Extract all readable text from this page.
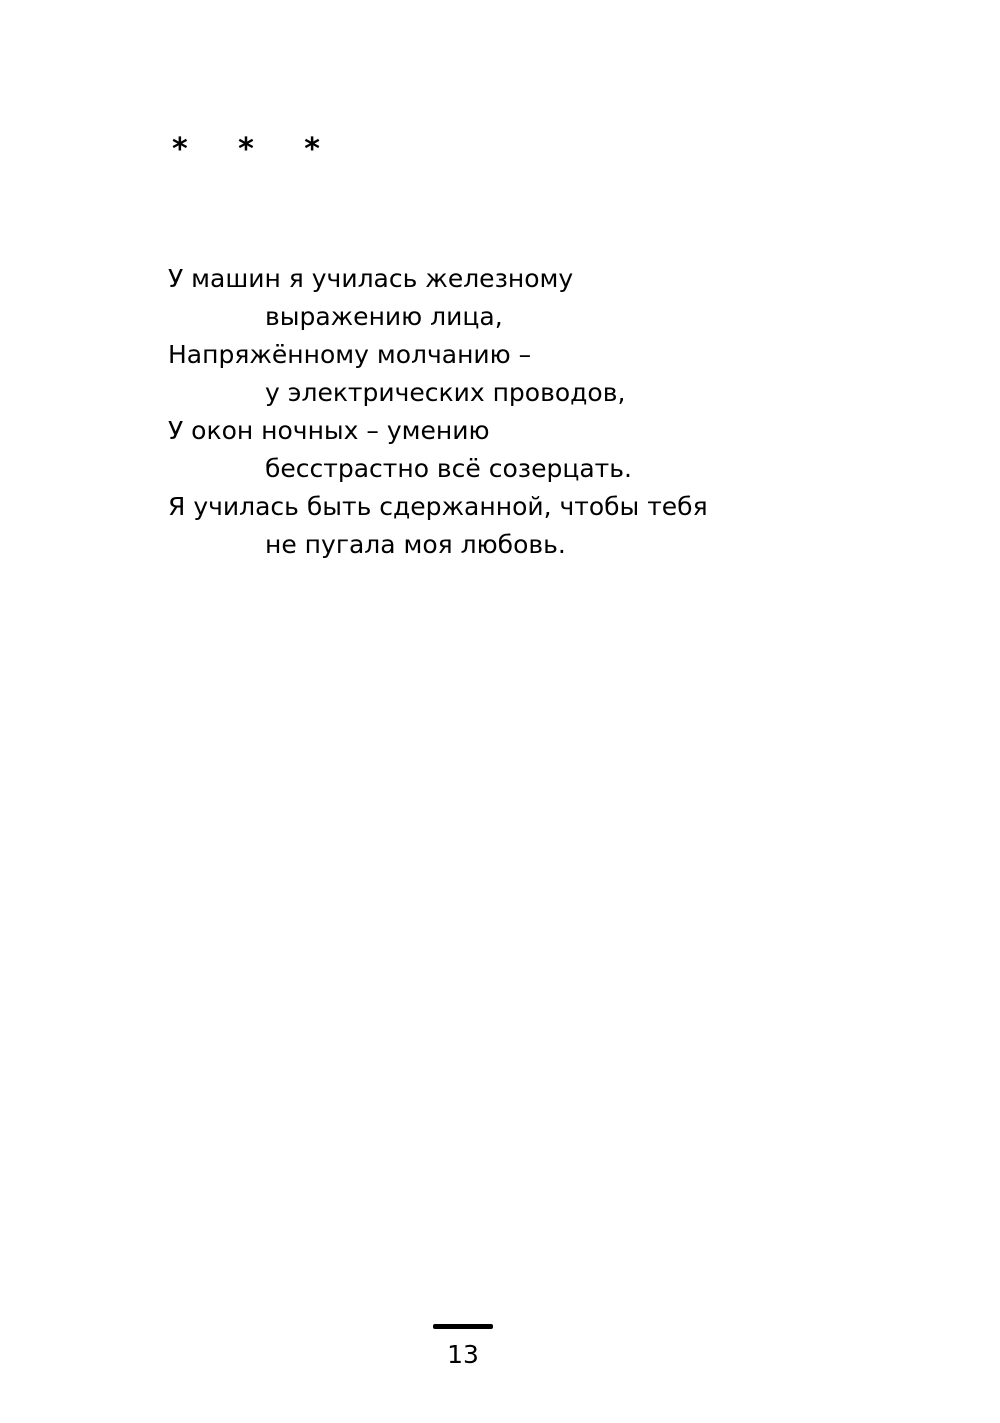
* * *
У машин я училась железному
выражению лица,
Напряжённому молчанию –
у электрических проводов,
У окон ночных – умению
бесстрастно всё созерцать.
Я училась быть сдержанной, чтобы тебя
не пугала моя любовь.
13
